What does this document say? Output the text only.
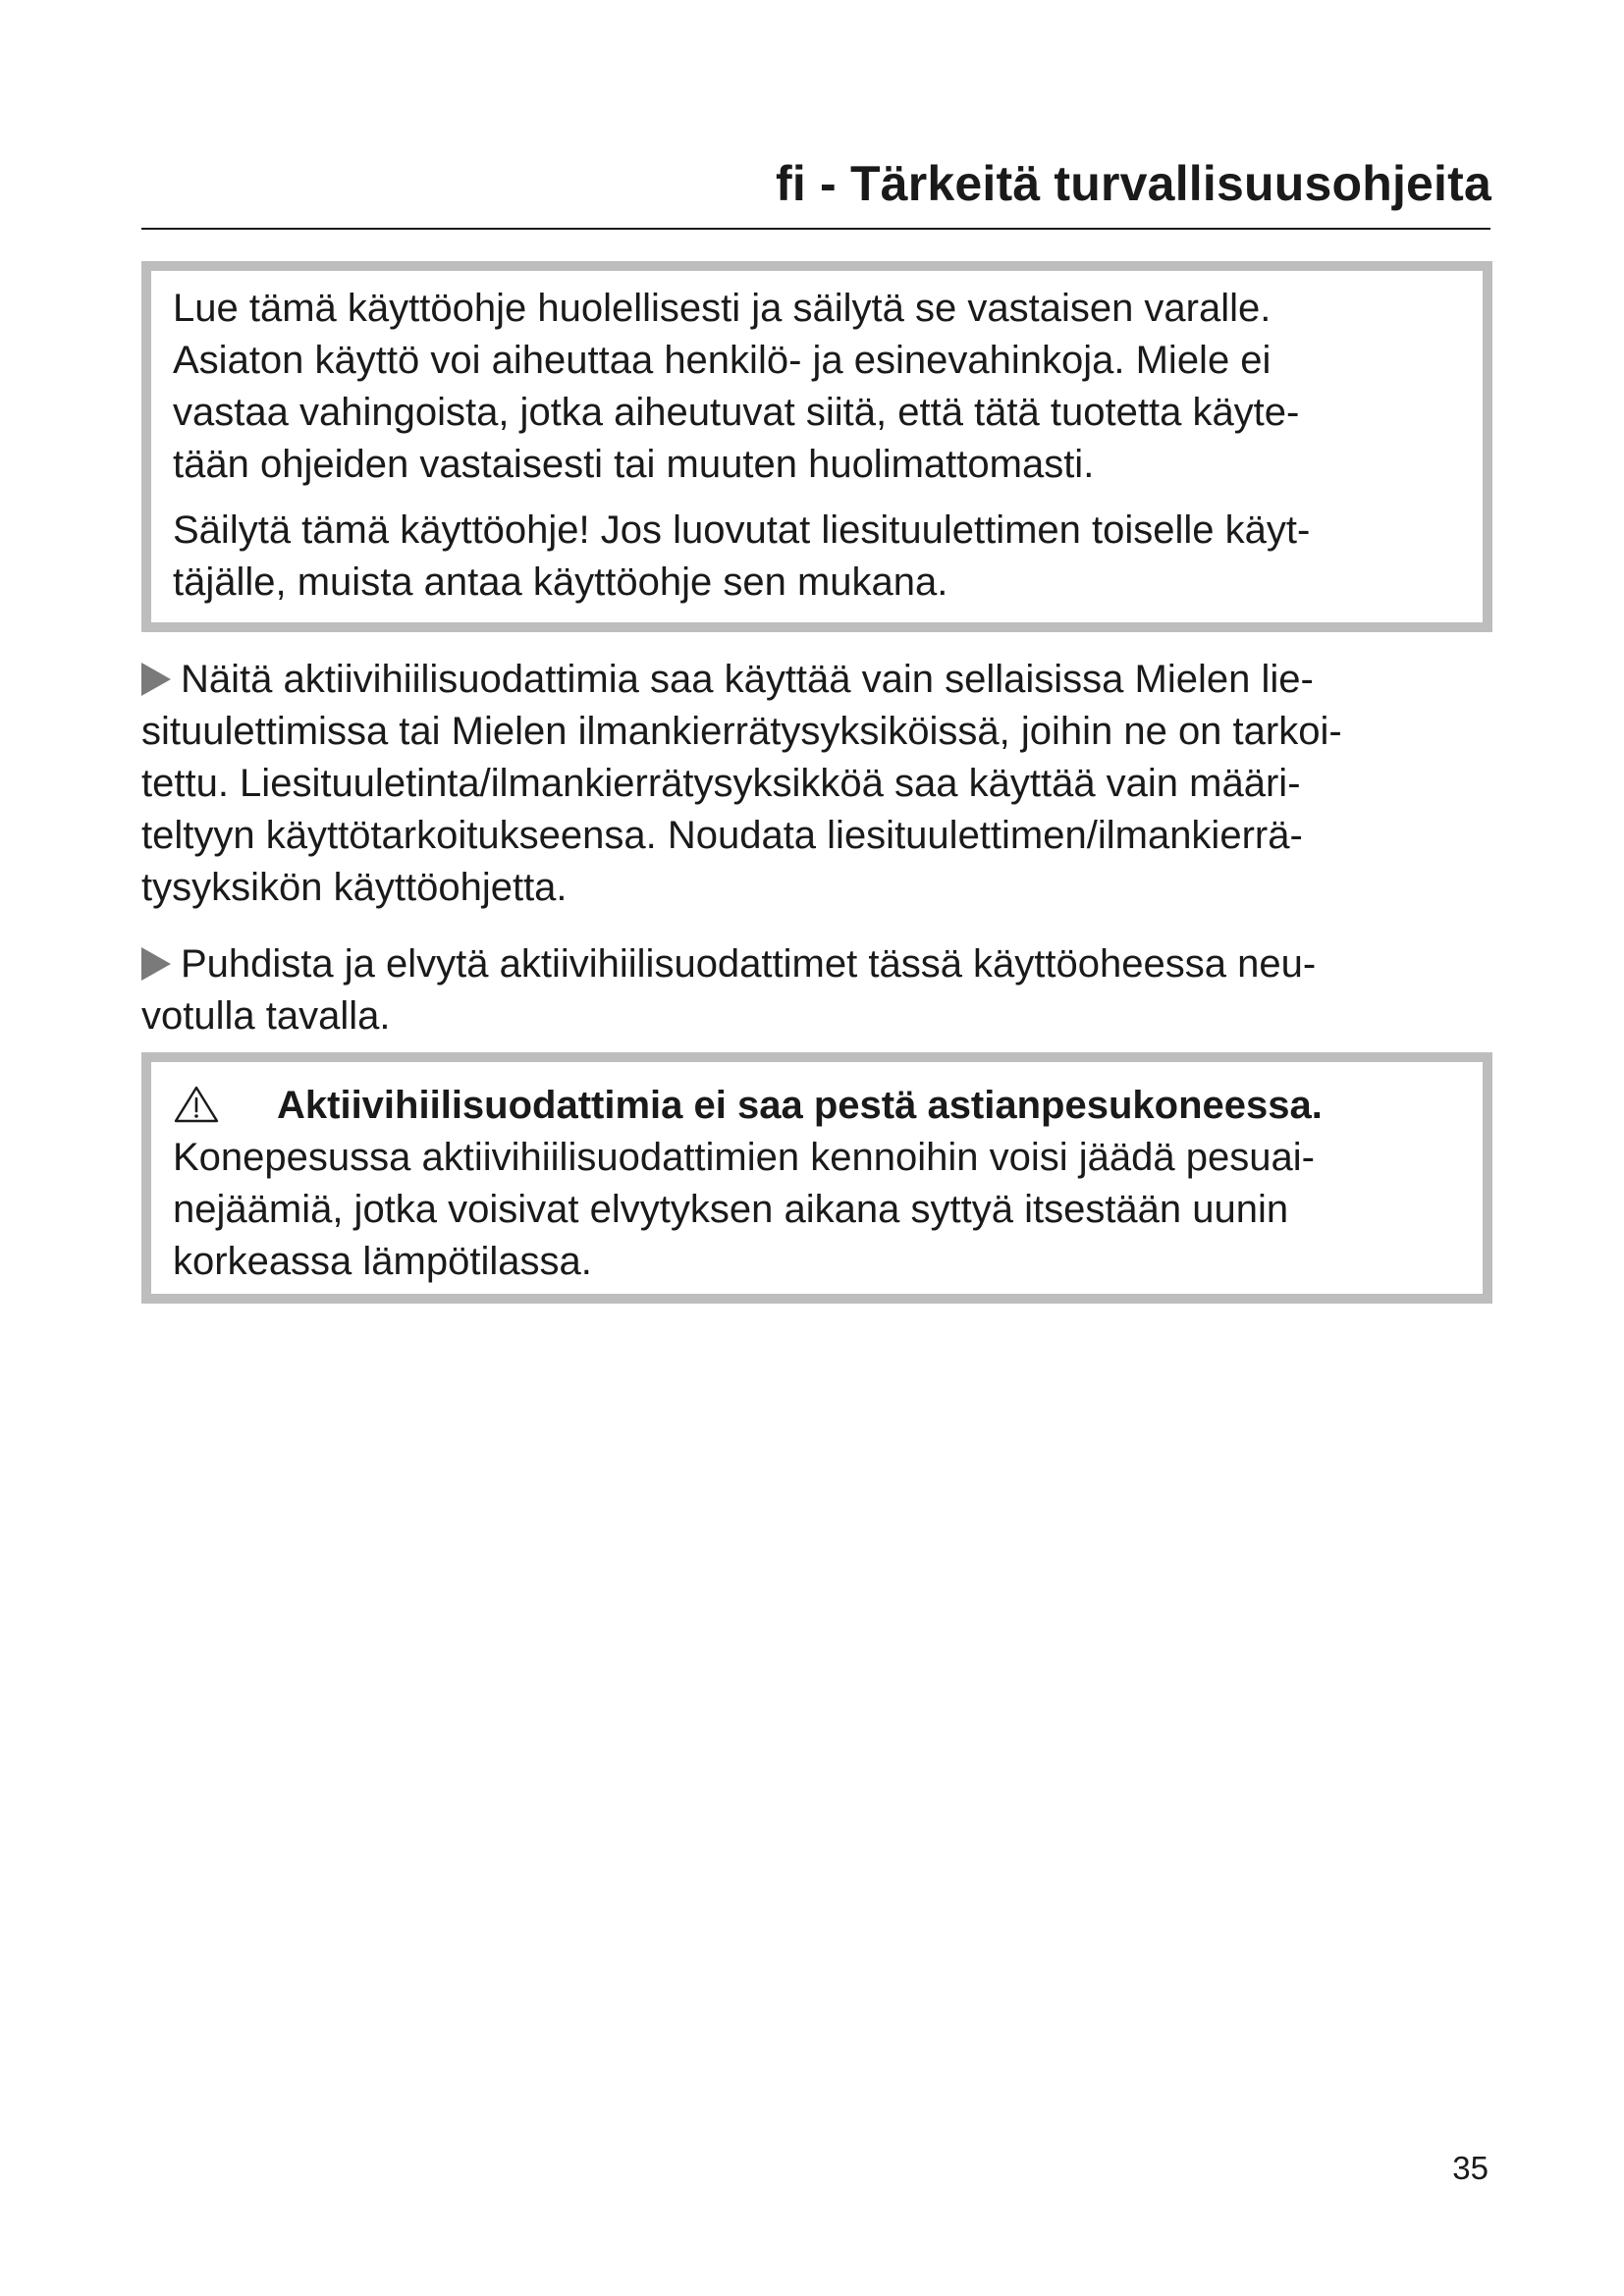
fi - Tärkeitä turvallisuusohjeita
Lue tämä käyttöohje huolellisesti ja säilytä se vastaisen varalle.
Asiaton käyttö voi aiheuttaa henkilö- ja esinevahinkoja. Miele ei
vastaa vahingoista, jotka aiheutuvat siitä, että tätä tuotetta käyte-
tään ohjeiden vastaisesti tai muuten huolimattomasti.
Säilytä tämä käyttöohje! Jos luovutat liesituulettimen toiselle käyt-
täjälle, muista antaa käyttöohje sen mukana.
Näitä aktiivihiilisuodattimia saa käyttää vain sellaisissa Mielen lie-
situulettimissa tai Mielen ilmankierrätysyksiköissä, joihin ne on tarkoi-
tettu. Liesituuletinta/ilmankierrätysyksikköä saa käyttää vain määri-
teltyyn käyttötarkoitukseensa. Noudata liesituulettimen/ilmankierrä-
tysyksikön käyttöohjetta.
Puhdista ja elvytä aktiivihiilisuodattimet tässä käyttöoheessa neu-
votulla tavalla.
Aktiivihiilisuodattimia ei saa pestä astianpesukoneessa.
Konepesussa aktiivihiilisuodattimien kennoihin voisi jäädä pesuai-
nejäämiä, jotka voisivat elvytyksen aikana syttyä itsestään uunin
korkeassa lämpötilassa.
35
